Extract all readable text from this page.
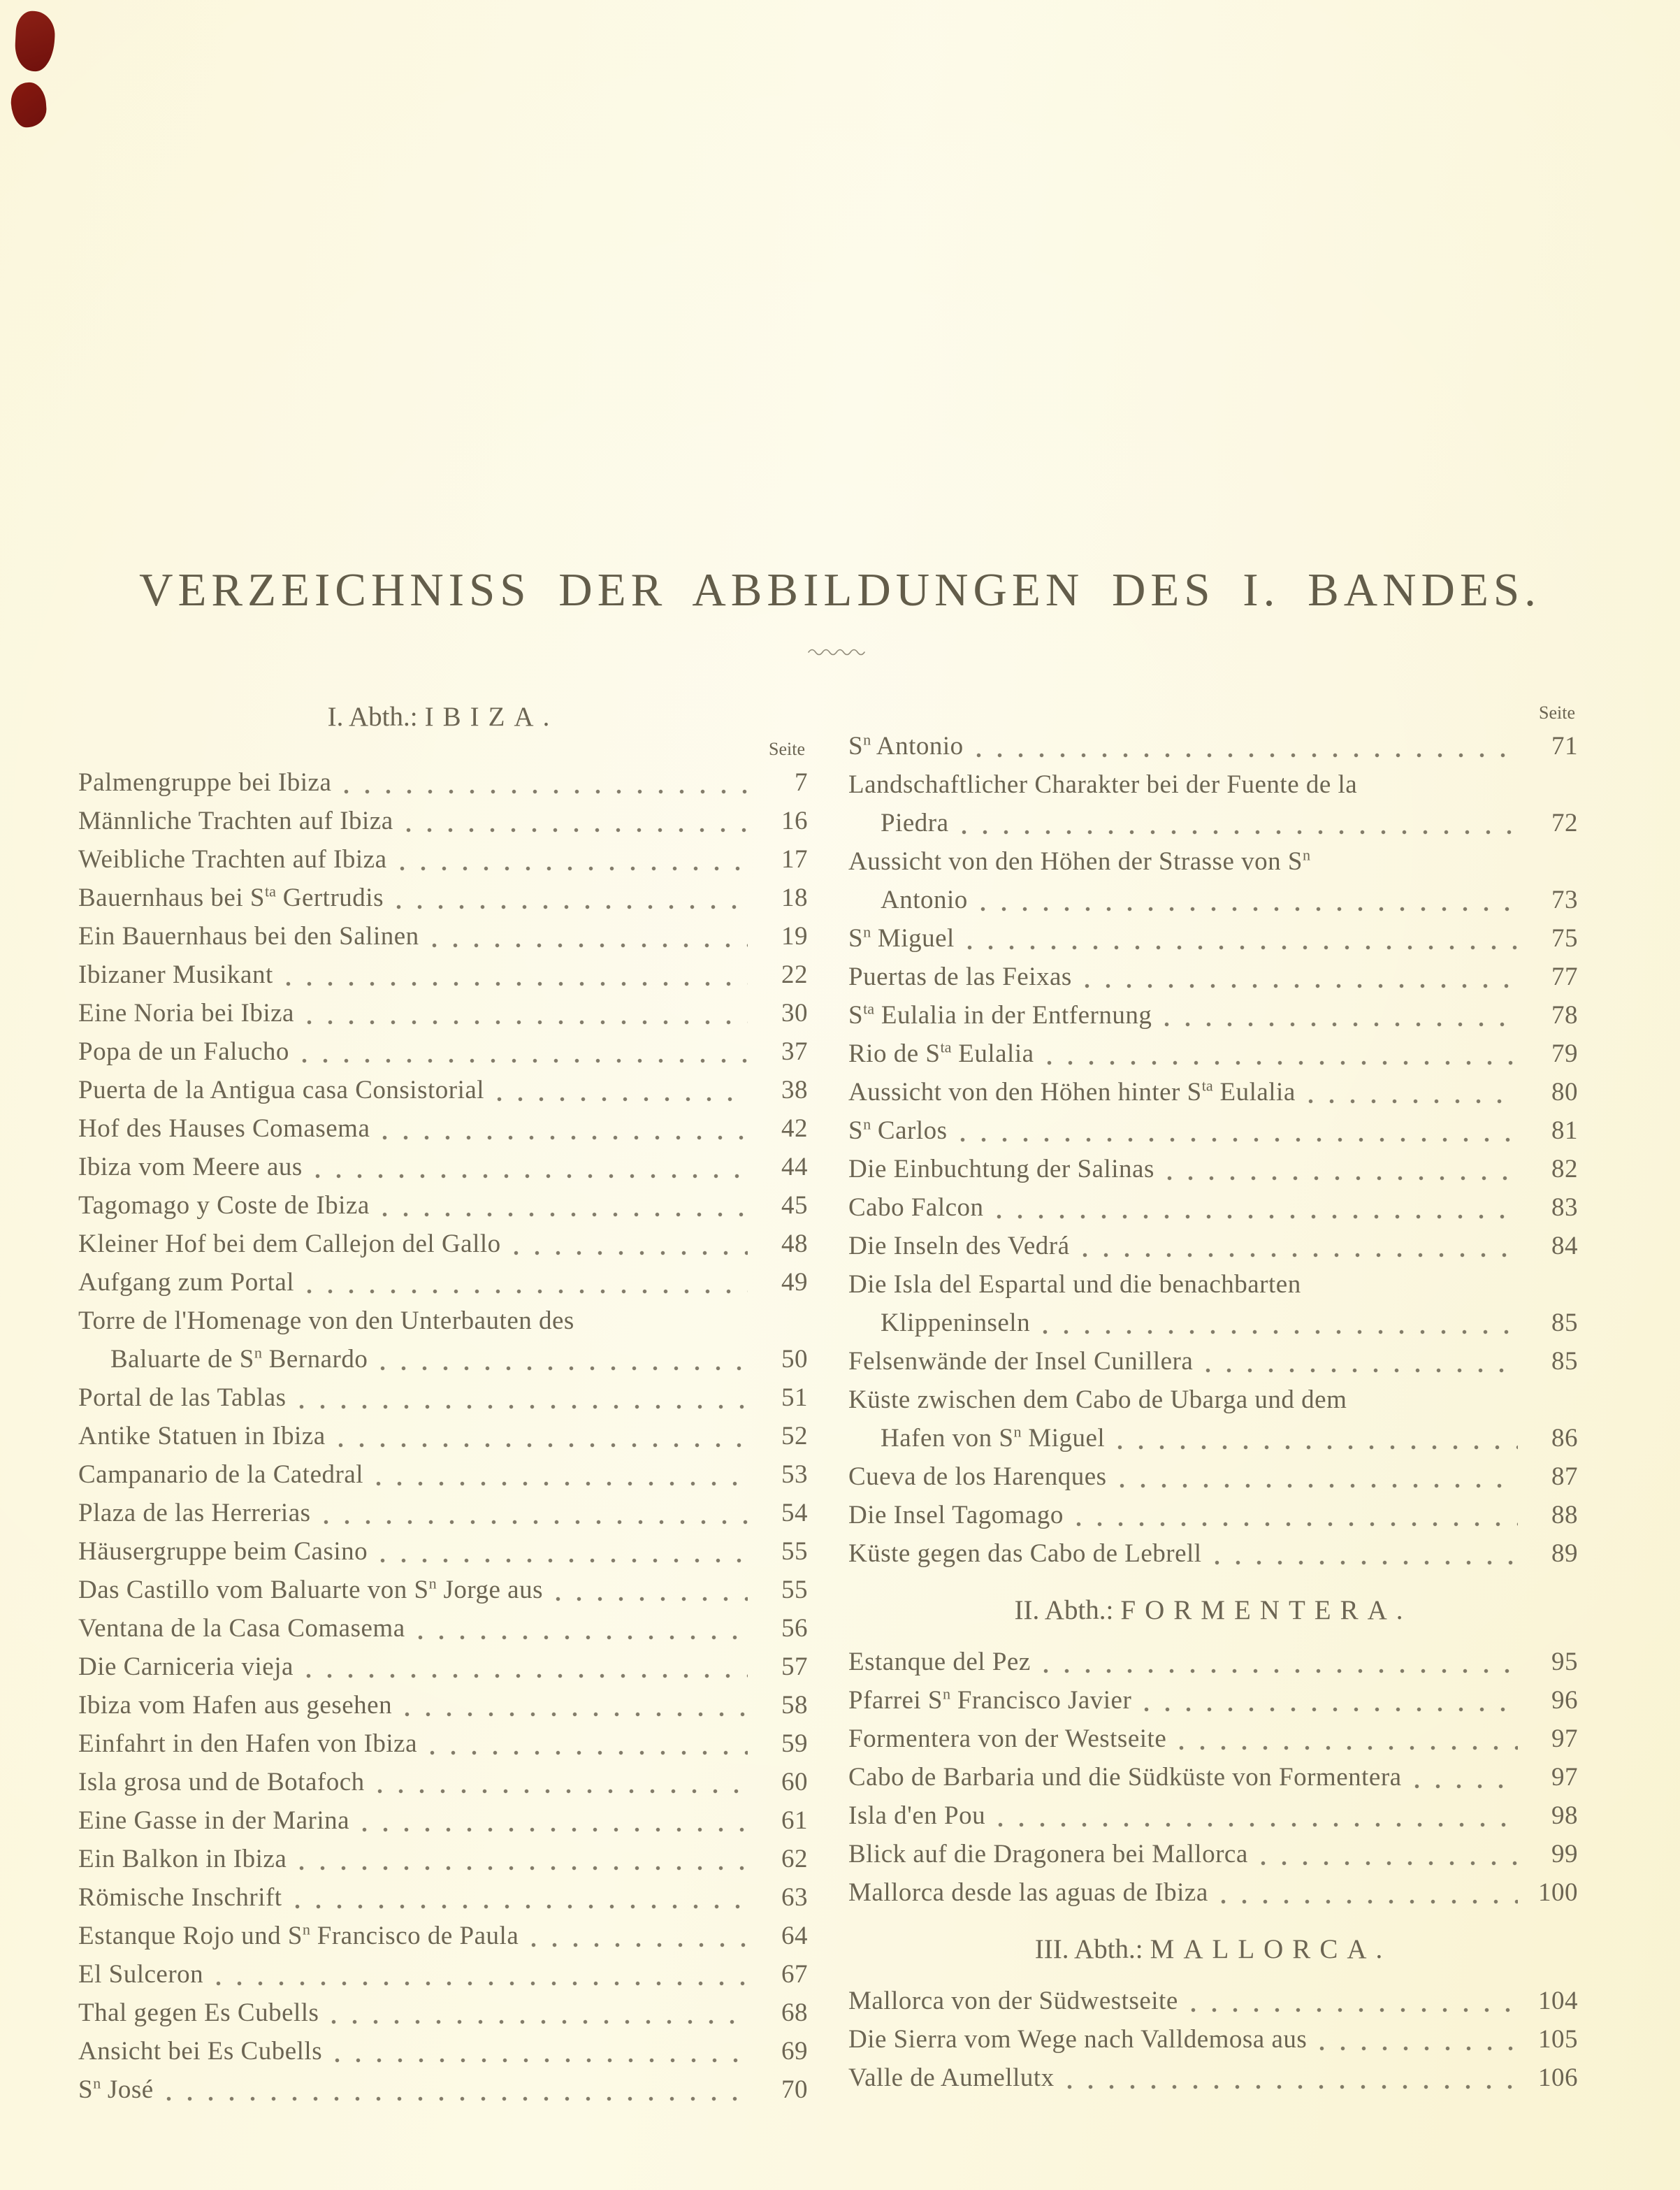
VERZEICHNISS DER ABBILDUNGEN DES I. BANDES.
I. Abth.: IBIZA.
Seite
Palmengruppe bei Ibiza	7
Männliche Trachten auf Ibiza	16
Weibliche Trachten auf Ibiza	17
Bauernhaus bei $S^{ta}$ Gertrudis	18
Ein Bauernhaus bei den Salinen	19
Ibizaner Musikant	22
Eine Noria bei Ibiza	30
Popa de un Falucho	37
Puerta de la Antigua casa Consistorial	38
Hof des Hauses Comasema	42
Ibiza vom Meere aus	44
Tagomago y Coste de Ibiza	45
Kleiner Hof bei dem Callejon del Gallo	48
Aufgang zum Portal	49
Torre de l'Homenage von den Unterbauten des
Baluarte de $S^n$ Bernardo	50
Portal de las Tablas	51
Antike Statuen in Ibiza	52
Campanario de la Catedral	53
Plaza de las Herrerias	54
Häusergruppe beim Casino	55
Das Castillo vom Baluarte von $S^n$ Jorge aus	55
Ventana de la Casa Comasema	56
Die Carniceria vieja	57
Ibiza vom Hafen aus gesehen	58
Einfahrt in den Hafen von Ibiza	59
Isla grosa und de Botafoch	60
Eine Gasse in der Marina	61
Ein Balkon in Ibiza	62
Römische Inschrift	63
Estanque Rojo und $S^n$ Francisco de Paula	64
El Sulceron	67
Thal gegen Es Cubells	68
Ansicht bei Es Cubells	69
$S^n$ José	70
Seite
$S^n$ Antonio	71
Landschaftlicher Charakter bei der Fuente de la
Piedra	72
Aussicht von den Höhen der Strasse von $S^n$
Antonio	73
$S^n$ Miguel	75
Puertas de las Feixas	77
$S^{ta}$ Eulalia in der Entfernung	78
Rio de $S^{ta}$ Eulalia	79
Aussicht von den Höhen hinter $S^{ta}$ Eulalia	80
$S^n$ Carlos	81
Die Einbuchtung der Salinas	82
Cabo Falcon	83
Die Inseln des Vedrá	84
Die Isla del Espartal und die benachbarten
Klippeninseln	85
Felsenwände der Insel Cunillera	85
Küste zwischen dem Cabo de Ubarga und dem
Hafen von $S^n$ Miguel	86
Cueva de los Harenques	87
Die Insel Tagomago	88
Küste gegen das Cabo de Lebrell	89
II. Abth.: FORMENTERA.
Estanque del Pez	95
Pfarrei $S^n$ Francisco Javier	96
Formentera von der Westseite	97
Cabo de Barbaria und die Südküste von Formentera	97
Isla d'en Pou	98
Blick auf die Dragonera bei Mallorca	99
Mallorca desde las aguas de Ibiza	100
III. Abth.: MALLORCA.
Mallorca von der Südwestseite	104
Die Sierra vom Wege nach Valldemosa aus	105
Valle de Aumellutx	106
